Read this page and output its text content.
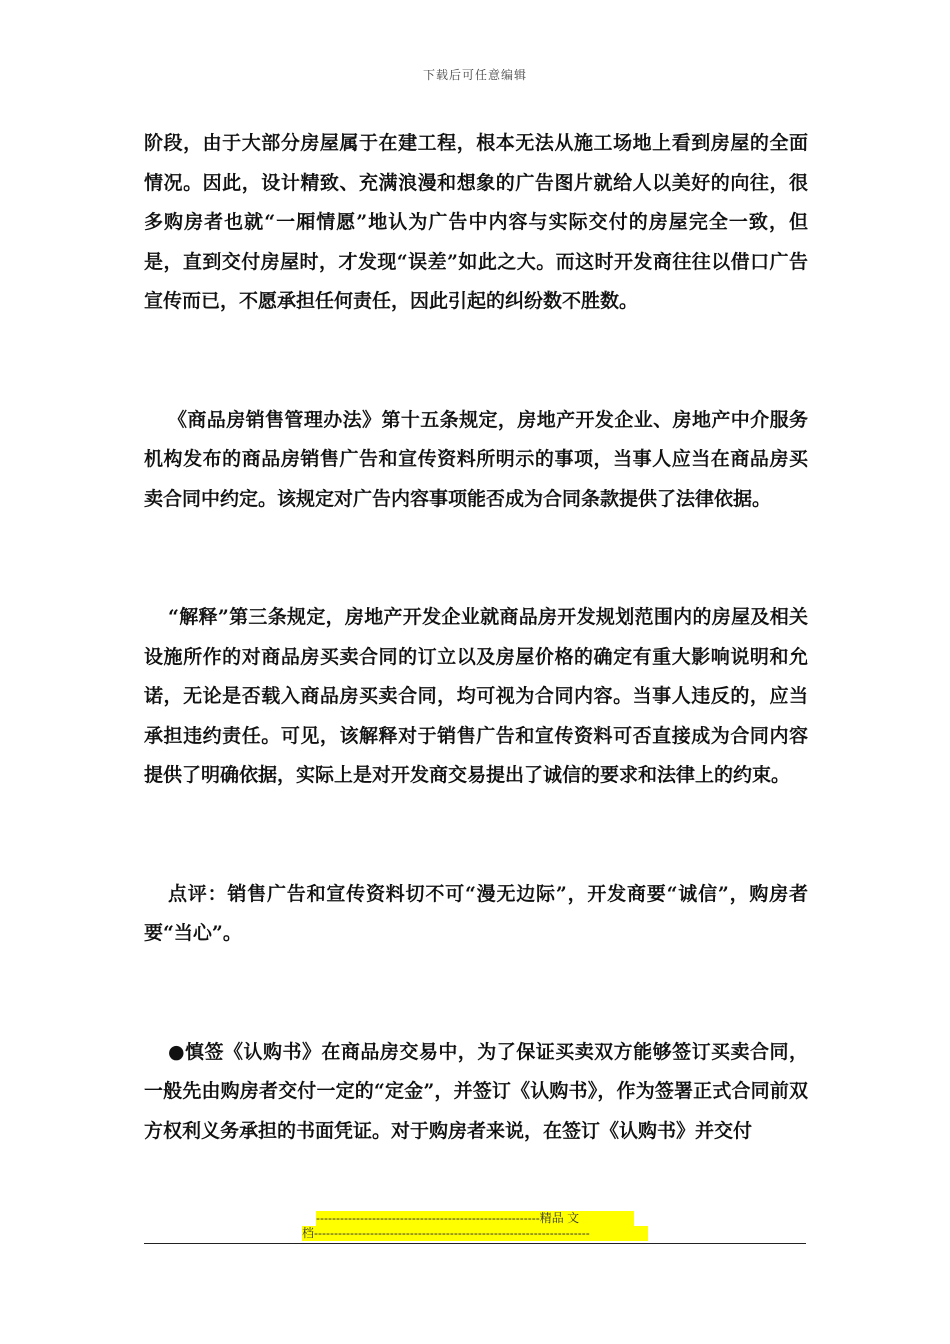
下载后可任意编辑

阶段，由于大部分房屋属于在建工程，根本无法从施工场地上看到房屋的全面情况。因此，设计精致、充满浪漫和想象的广告图片就给人以美好的向往，很多购房者也就“一厢情愿”地认为广告中内容与实际交付的房屋完全一致，但是，直到交付房屋时，才发现“误差”如此之大。而这时开发商往往以借口广告宣传而已，不愿承担任何责任，因此引起的纠纷数不胜数。

《商品房销售管理办法》第十五条规定，房地产开发企业、房地产中介服务机构发布的商品房销售广告和宣传资料所明示的事项，当事人应当在商品房买卖合同中约定。该规定对广告内容事项能否成为合同条款提供了法律依据。

“解释”第三条规定，房地产开发企业就商品房开发规划范围内的房屋及相关设施所作的对商品房买卖合同的订立以及房屋价格的确定有重大影响说明和允诺，无论是否载入商品房买卖合同，均可视为合同内容。当事人违反的，应当承担违约责任。可见，该解释对于销售广告和宣传资料可否直接成为合同内容提供了明确依据，实际上是对开发商交易提出了诚信的要求和法律上的约束。

点评：销售广告和宣传资料切不可“漫无边际”，开发商要“诚信”，购房者要“当心”。

●慎签《认购书》在商品房交易中，为了保证买卖双方能够签订买卖合同，一般先由购房者交付一定的“定金”，并签订《认购书》，作为签署正式合同前双方权利义务承担的书面凭证。对于购房者来说，在签订《认购书》并交付

--------------------------------------------------------精品 文
档---------------------------------------------------------------------
